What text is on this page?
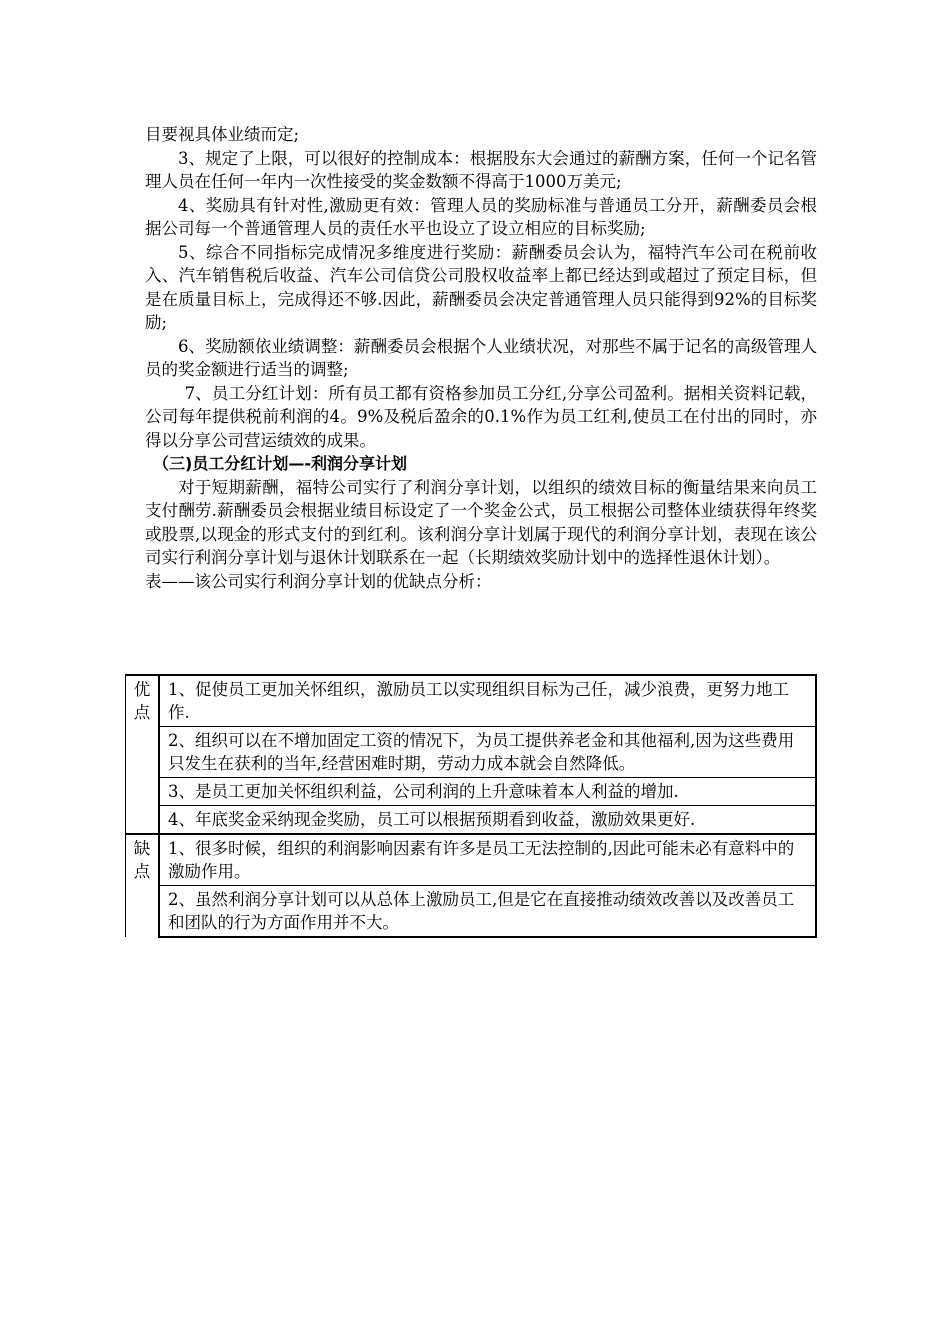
目要视具体业绩而定;

3、规定了上限，可以很好的控制成本：根据股东大会通过的薪酬方案，任何一个记名管理人员在任何一年内一次性接受的奖金数额不得高于1000万美元;

4、奖励具有针对性,激励更有效：管理人员的奖励标准与普通员工分开，薪酬委员会根据公司每一个普通管理人员的责任水平也设立了设立相应的目标奖励;

5、综合不同指标完成情况多维度进行奖励：薪酬委员会认为，福特汽车公司在税前收入、汽车销售税后收益、汽车公司信贷公司股权收益率上都已经达到或超过了预定目标，但是在质量目标上，完成得还不够.因此，薪酬委员会决定普通管理人员只能得到92%的目标奖励;

6、奖励额依业绩调整：薪酬委员会根据个人业绩状况，对那些不属于记名的高级管理人员的奖金额进行适当的调整;

7、员工分红计划：所有员工都有资格参加员工分红,分享公司盈利。据相关资料记载，公司每年提供税前利润的4。9%及税后盈余的0.1%作为员工红利,使员工在付出的同时，亦得以分享公司营运绩效的成果。

（三)员工分红计划—-利润分享计划

对于短期薪酬，福特公司实行了利润分享计划，以组织的绩效目标的衡量结果来向员工支付酬劳.薪酬委员会根据业绩目标设定了一个奖金公式，员工根据公司整体业绩获得年终奖或股票,以现金的形式支付的到红利。该利润分享计划属于现代的利润分享计划，表现在该公司实行利润分享计划与退休计划联系在一起（长期绩效奖励计划中的选择性退休计划）。

表——该公司实行利润分享计划的优缺点分析：

优
点	1、促使员工更加关怀组织，激励员工以实现组织目标为己任，减少浪费，更努力地工作.
	2、组织可以在不增加固定工资的情况下，为员工提供养老金和其他福利,因为这些费用只发生在获利的当年,经营困难时期，劳动力成本就会自然降低。
	3、是员工更加关怀组织利益，公司利润的上升意味着本人利益的增加.
	4、年底奖金采纳现金奖励，员工可以根据预期看到收益，激励效果更好.

缺
点	1、很多时候，组织的利润影响因素有许多是员工无法控制的,因此可能未必有意料中的激励作用。
	2、虽然利润分享计划可以从总体上激励员工,但是它在直接推动绩效改善以及改善员工和团队的行为方面作用并不大。
